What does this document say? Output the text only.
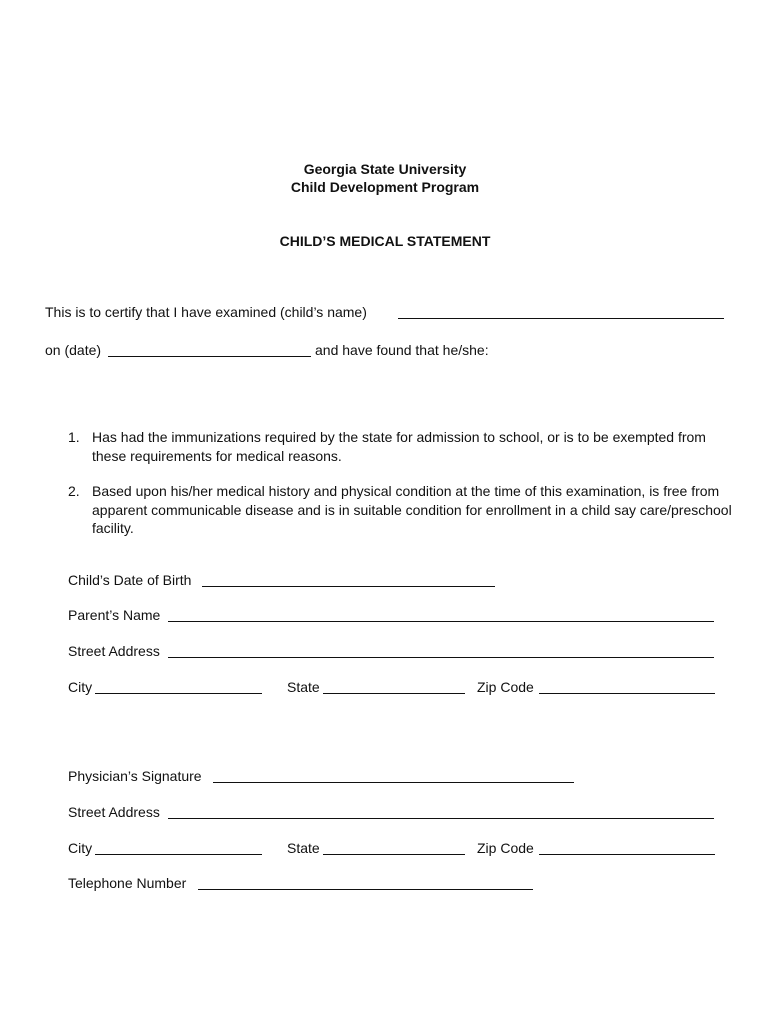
Georgia State University
Child Development Program
CHILD’S MEDICAL STATEMENT
This is to certify that I have examined (child’s name)
on (date)	and have found that he/she:
1. Has had the immunizations required by the state for admission to school, or is to be exempted from these requirements for medical reasons.
2. Based upon his/her medical history and physical condition at the time of this examination, is free from apparent communicable disease and is in suitable condition for enrollment in a child say care/preschool facility.
Child’s Date of Birth
Parent’s Name
Street Address
City	State	Zip Code
Physician’s Signature
Street Address
City	State	Zip Code
Telephone Number
